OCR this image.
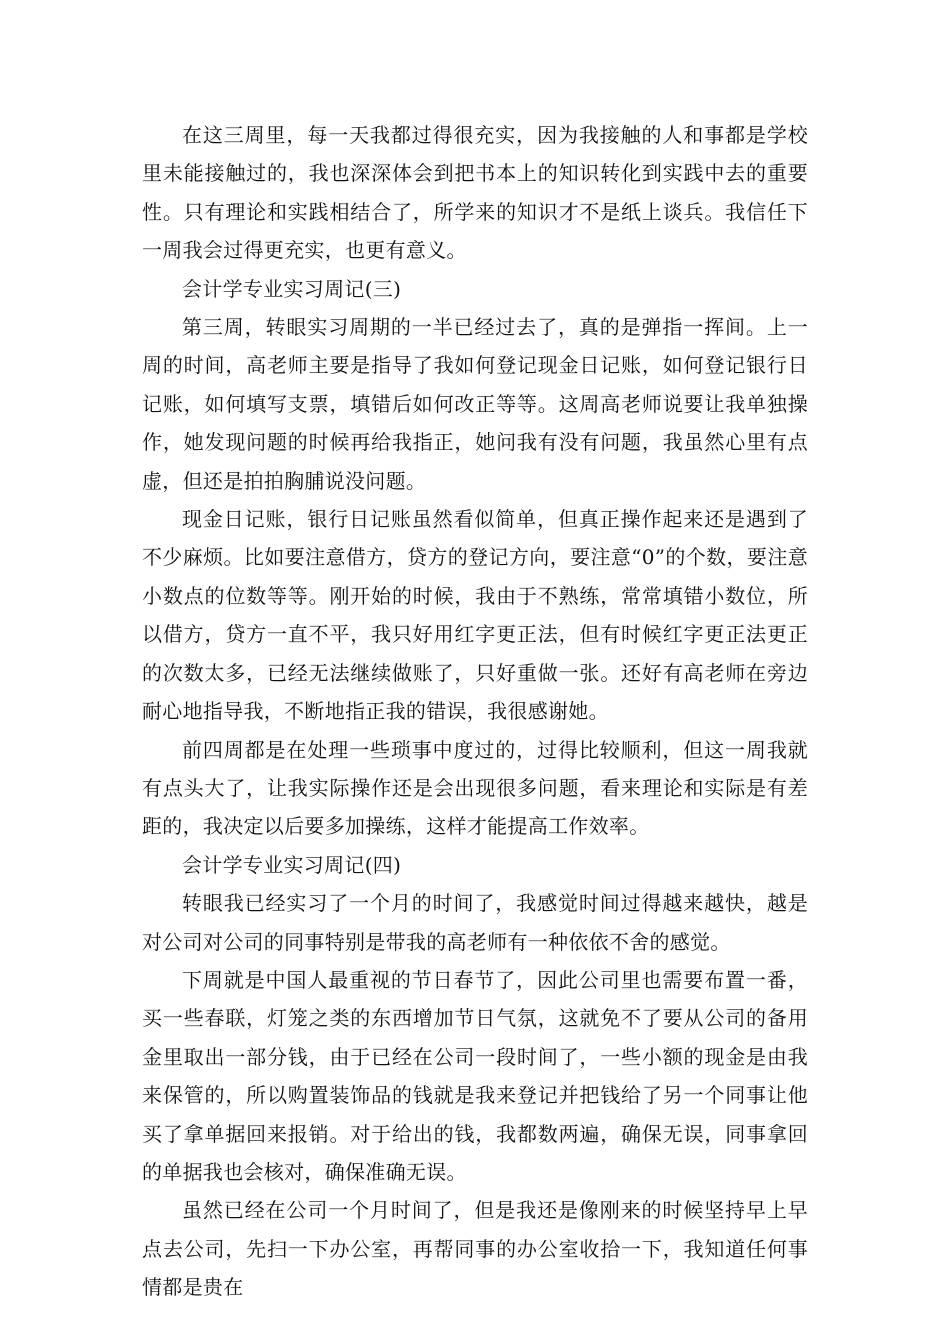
在这三周里，每一天我都过得很充实，因为我接触的人和事都是学校里未能接触过的，我也深深体会到把书本上的知识转化到实践中去的重要性。只有理论和实践相结合了，所学来的知识才不是纸上谈兵。我信任下一周我会过得更充实，也更有意义。

会计学专业实习周记(三)

第三周，转眼实习周期的一半已经过去了，真的是弹指一挥间。上一周的时间，高老师主要是指导了我如何登记现金日记账，如何登记银行日记账，如何填写支票，填错后如何改正等等。这周高老师说要让我单独操作，她发现问题的时候再给我指正，她问我有没有问题，我虽然心里有点虚，但还是拍拍胸脯说没问题。

现金日记账，银行日记账虽然看似简单，但真正操作起来还是遇到了不少麻烦。比如要注意借方，贷方的登记方向，要注意“0”的个数，要注意小数点的位数等等。刚开始的时候，我由于不熟练，常常填错小数位，所以借方，贷方一直不平，我只好用红字更正法，但有时候红字更正法更正的次数太多，已经无法继续做账了，只好重做一张。还好有高老师在旁边耐心地指导我，不断地指正我的错误，我很感谢她。

前四周都是在处理一些琐事中度过的，过得比较顺利，但这一周我就有点头大了，让我实际操作还是会出现很多问题，看来理论和实际是有差距的，我决定以后要多加操练，这样才能提高工作效率。

会计学专业实习周记(四)

转眼我已经实习了一个月的时间了，我感觉时间过得越来越快，越是对公司对公司的同事特别是带我的高老师有一种依依不舍的感觉。

下周就是中国人最重视的节日春节了，因此公司里也需要布置一番，买一些春联，灯笼之类的东西增加节日气氛，这就免不了要从公司的备用金里取出一部分钱，由于已经在公司一段时间了，一些小额的现金是由我来保管的，所以购置装饰品的钱就是我来登记并把钱给了另一个同事让他买了拿单据回来报销。对于给出的钱，我都数两遍，确保无误，同事拿回的单据我也会核对，确保准确无误。

虽然已经在公司一个月时间了，但是我还是像刚来的时候坚持早上早点去公司，先扫一下办公室，再帮同事的办公室收拾一下，我知道任何事情都是贵在
